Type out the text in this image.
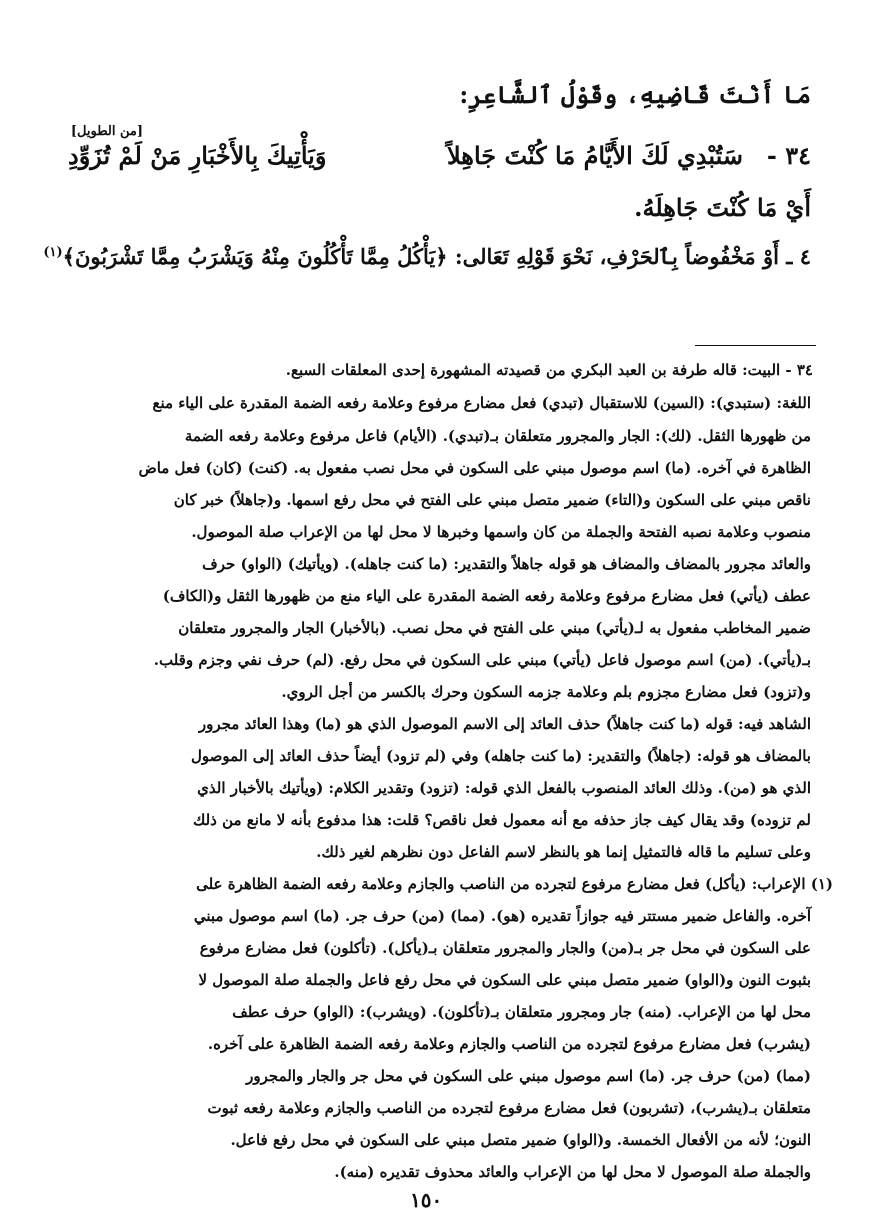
مَا أَنْتَ قَاضِيهِ، وقَوْلُ ٱلشَّاعِرِ:
[من الطويل]
٣٤ -
سَتُبْدِي لَكَ الأَيَّامُ مَا كُنْتَ جَاهِلاً
وَيَأْتِيكَ بِالأَخْبَارِ مَنْ لَمْ تُزَوِّدِ
أَيْ مَا كُنْتَ جَاهِلَهُ.
٤ ـ أَوْ مَخْفُوضاً بِٱلحَرْفِ، نَحْوَ قَوْلِهِ تَعَالى: ﴿يَأْكُلُ مِمَّا تَأْكُلُونَ مِنْهُ وَيَشْرَبُ مِمَّا تَشْرَبُونَ﴾$^{(١)}$
٣٤ - البيت: قاله طرفة بن العبد البكري من قصيدته المشهورة إحدى المعلقات السبع.
اللغة: (ستبدي): (السين) للاستقبال (تبدي) فعل مضارع مرفوع وعلامة رفعه الضمة المقدرة على الياء منع
من ظهورها الثقل. (لك): الجار والمجرور متعلقان بـ(تبدي). (الأيام) فاعل مرفوع وعلامة رفعه الضمة
الظاهرة في آخره. (ما) اسم موصول مبني على السكون في محل نصب مفعول به. (كنت) (كان) فعل ماض
ناقص مبني على السكون و(التاء) ضمير متصل مبني على الفتح في محل رفع اسمها. و(جاهلاً) خبر كان
منصوب وعلامة نصبه الفتحة والجملة من كان واسمها وخبرها لا محل لها من الإعراب صلة الموصول.
والعائد مجرور بالمضاف والمضاف هو قوله جاهلاً والتقدير: (ما كنت جاهله). (ويأتيك) (الواو) حرف
عطف (يأتي) فعل مضارع مرفوع وعلامة رفعه الضمة المقدرة على الياء منع من ظهورها الثقل و(الكاف)
ضمير المخاطب مفعول به لـ(يأتي) مبني على الفتح في محل نصب. (بالأخبار) الجار والمجرور متعلقان
بـ(يأتي). (من) اسم موصول فاعل (يأتي) مبني على السكون في محل رفع. (لم) حرف نفي وجزم وقلب.
و(تزود) فعل مضارع مجزوم بلم وعلامة جزمه السكون وحرك بالكسر من أجل الروي.
الشاهد فيه: قوله (ما كنت جاهلاً) حذف العائد إلى الاسم الموصول الذي هو (ما) وهذا العائد مجرور
بالمضاف هو قوله: (جاهلاً) والتقدير: (ما كنت جاهله) وفي (لم تزود) أيضاً حذف العائد إلى الموصول
الذي هو (من). وذلك العائد المنصوب بالفعل الذي قوله: (تزود) وتقدير الكلام: (ويأتيك بالأخبار الذي
لم تزوده) وقد يقال كيف جاز حذفه مع أنه معمول فعل ناقص؟ قلت: هذا مدفوع بأنه لا مانع من ذلك
وعلى تسليم ما قاله فالتمثيل إنما هو بالنظر لاسم الفاعل دون نظرهم لغير ذلك.
(١) الإعراب: (يأكل) فعل مضارع مرفوع لتجرده من الناصب والجازم وعلامة رفعه الضمة الظاهرة على
آخره. والفاعل ضمير مستتر فيه جوازاً تقديره (هو). (مما) (من) حرف جر. (ما) اسم موصول مبني
على السكون في محل جر بـ(من) والجار والمجرور متعلقان بـ(يأكل). (تأكلون) فعل مضارع مرفوع
بثبوت النون و(الواو) ضمير متصل مبني على السكون في محل رفع فاعل والجملة صلة الموصول لا
محل لها من الإعراب. (منه) جار ومجرور متعلقان بـ(تأكلون). (ويشرب): (الواو) حرف عطف
(يشرب) فعل مضارع مرفوع لتجرده من الناصب والجازم وعلامة رفعه الضمة الظاهرة على آخره.
(مما) (من) حرف جر. (ما) اسم موصول مبني على السكون في محل جر والجار والمجرور
متعلقان بـ(يشرب)، (تشربون) فعل مضارع مرفوع لتجرده من الناصب والجازم وعلامة رفعه ثبوت
النون؛ لأنه من الأفعال الخمسة. و(الواو) ضمير متصل مبني على السكون في محل رفع فاعل.
والجملة صلة الموصول لا محل لها من الإعراب والعائد محذوف تقديره (منه).
١٥٠
